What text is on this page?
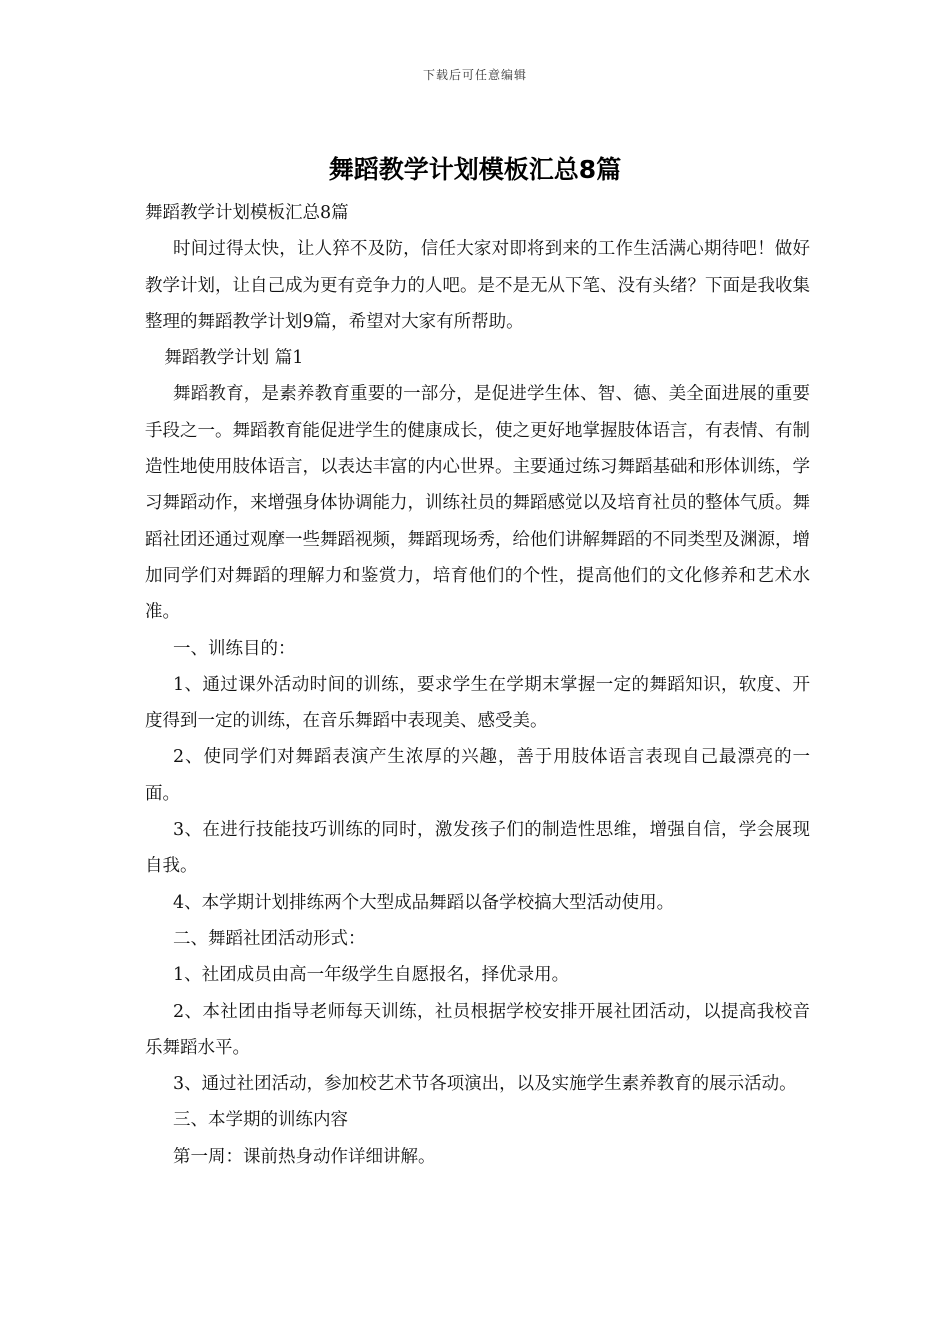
下载后可任意编辑
舞蹈教学计划模板汇总8篇

舞蹈教学计划模板汇总8篇

时间过得太快，让人猝不及防，信任大家对即将到来的工作生活满心期待吧！做好教学计划，让自己成为更有竞争力的人吧。是不是无从下笔、没有头绪？下面是我收集整理的舞蹈教学计划9篇，希望对大家有所帮助。

舞蹈教学计划 篇1

舞蹈教育，是素养教育重要的一部分，是促进学生体、智、德、美全面进展的重要手段之一。舞蹈教育能促进学生的健康成长，使之更好地掌握肢体语言，有表情、有制造性地使用肢体语言，以表达丰富的内心世界。主要通过练习舞蹈基础和形体训练，学习舞蹈动作，来增强身体协调能力，训练社员的舞蹈感觉以及培育社员的整体气质。舞蹈社团还通过观摩一些舞蹈视频，舞蹈现场秀，给他们讲解舞蹈的不同类型及渊源，增加同学们对舞蹈的理解力和鉴赏力，培育他们的个性，提高他们的文化修养和艺术水准。

一、训练目的：

1、通过课外活动时间的训练，要求学生在学期末掌握一定的舞蹈知识，软度、开度得到一定的训练，在音乐舞蹈中表现美、感受美。

2、使同学们对舞蹈表演产生浓厚的兴趣，善于用肢体语言表现自己最漂亮的一面。

3、在进行技能技巧训练的同时，激发孩子们的制造性思维，增强自信，学会展现自我。

4、本学期计划排练两个大型成品舞蹈以备学校搞大型活动使用。

二、舞蹈社团活动形式：

1、社团成员由高一年级学生自愿报名，择优录用。

2、本社团由指导老师每天训练，社员根据学校安排开展社团活动，以提高我校音乐舞蹈水平。

3、通过社团活动，参加校艺术节各项演出，以及实施学生素养教育的展示活动。

三、本学期的训练内容

第一周：课前热身动作详细讲解。
